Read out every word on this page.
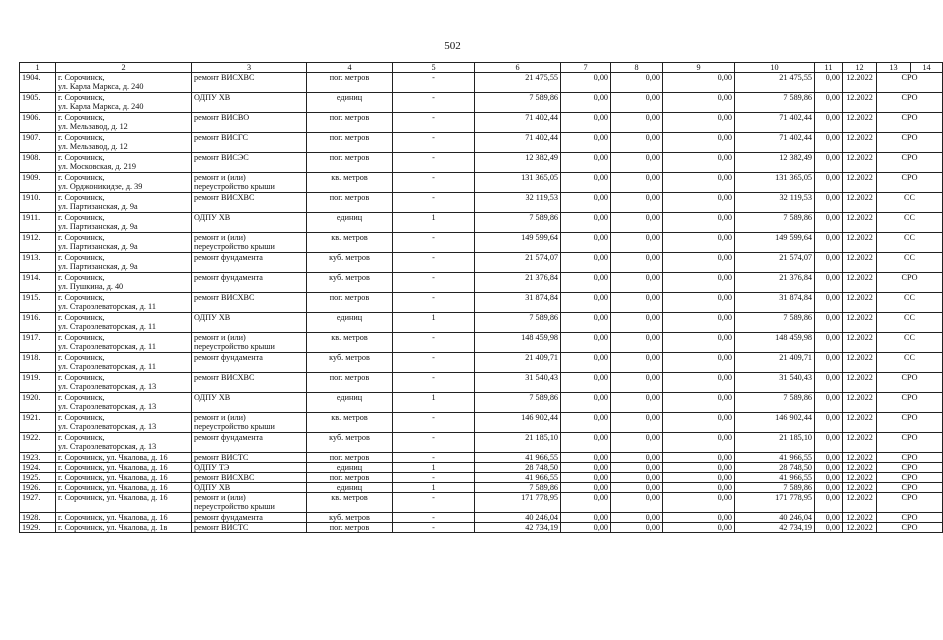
502
1	2	3	4	5	6	7	8	9	10	11	12	13	14
1904.	г. Сорочинск,
ул. Карла Маркса, д. 240	ремонт ВИСХВС	пог. метров	-	21 475,55	0,00	0,00	0,00	21 475,55	0,00	12.2022	СРО	
1905.	г. Сорочинск,
ул. Карла Маркса, д. 240	ОДПУ ХВ	единиц	-	7 589,86	0,00	0,00	0,00	7 589,86	0,00	12.2022	СРО	
1906.	г. Сорочинск,
ул. Мельзавод, д. 12	ремонт ВИСВО	пог. метров	-	71 402,44	0,00	0,00	0,00	71 402,44	0,00	12.2022	СРО	
1907.	г. Сорочинск,
ул. Мельзавод, д. 12	ремонт ВИСГС	пог. метров	-	71 402,44	0,00	0,00	0,00	71 402,44	0,00	12.2022	СРО	
1908.	г. Сорочинск,
ул. Московская, д. 219	ремонт ВИСЭС	пог. метров	-	12 382,49	0,00	0,00	0,00	12 382,49	0,00	12.2022	СРО	
1909.	г. Сорочинск,
ул. Орджоникидзе, д. 39	ремонт и (или)
переустройство крыши	кв. метров	-	131 365,05	0,00	0,00	0,00	131 365,05	0,00	12.2022	СРО	
1910.	г. Сорочинск,
ул. Партизанская, д. 9а	ремонт ВИСХВС	пог. метров	-	32 119,53	0,00	0,00	0,00	32 119,53	0,00	12.2022	СС	
1911.	г. Сорочинск,
ул. Партизанская, д. 9а	ОДПУ ХВ	единиц	1	7 589,86	0,00	0,00	0,00	7 589,86	0,00	12.2022	СС	
1912.	г. Сорочинск,
ул. Партизанская, д. 9а	ремонт и (или)
переустройство крыши	кв. метров	-	149 599,64	0,00	0,00	0,00	149 599,64	0,00	12.2022	СС	
1913.	г. Сорочинск,
ул. Партизанская, д. 9а	ремонт фундамента	куб. метров	-	21 574,07	0,00	0,00	0,00	21 574,07	0,00	12.2022	СС	
1914.	г. Сорочинск,
ул. Пушкина, д. 40	ремонт фундамента	куб. метров	-	21 376,84	0,00	0,00	0,00	21 376,84	0,00	12.2022	СРО	
1915.	г. Сорочинск,
ул. Староэлеваторская, д. 11	ремонт ВИСХВС	пог. метров	-	31 874,84	0,00	0,00	0,00	31 874,84	0,00	12.2022	СС	
1916.	г. Сорочинск,
ул. Староэлеваторская, д. 11	ОДПУ ХВ	единиц	1	7 589,86	0,00	0,00	0,00	7 589,86	0,00	12.2022	СС	
1917.	г. Сорочинск,
ул. Староэлеваторская, д. 11	ремонт и (или)
переустройство крыши	кв. метров	-	148 459,98	0,00	0,00	0,00	148 459,98	0,00	12.2022	СС	
1918.	г. Сорочинск,
ул. Староэлеваторская, д. 11	ремонт фундамента	куб. метров	-	21 409,71	0,00	0,00	0,00	21 409,71	0,00	12.2022	СС	
1919.	г. Сорочинск,
ул. Староэлеваторская, д. 13	ремонт ВИСХВС	пог. метров	-	31 540,43	0,00	0,00	0,00	31 540,43	0,00	12.2022	СРО	
1920.	г. Сорочинск,
ул. Староэлеваторская, д. 13	ОДПУ ХВ	единиц	1	7 589,86	0,00	0,00	0,00	7 589,86	0,00	12.2022	СРО	
1921.	г. Сорочинск,
ул. Староэлеваторская, д. 13	ремонт и (или)
переустройство крыши	кв. метров	-	146 902,44	0,00	0,00	0,00	146 902,44	0,00	12.2022	СРО	
1922.	г. Сорочинск,
ул. Староэлеваторская, д. 13	ремонт фундамента	куб. метров	-	21 185,10	0,00	0,00	0,00	21 185,10	0,00	12.2022	СРО	
1923.	г. Сорочинск, ул. Чкалова, д. 16	ремонт ВИСТС	пог. метров	-	41 966,55	0,00	0,00	0,00	41 966,55	0,00	12.2022	СРО	
1924.	г. Сорочинск, ул. Чкалова, д. 16	ОДПУ ТЭ	единиц	1	28 748,50	0,00	0,00	0,00	28 748,50	0,00	12.2022	СРО	
1925.	г. Сорочинск, ул. Чкалова, д. 16	ремонт ВИСХВС	пог. метров	-	41 966,55	0,00	0,00	0,00	41 966,55	0,00	12.2022	СРО	
1926.	г. Сорочинск, ул. Чкалова, д. 16	ОДПУ ХВ	единиц	1	7 589,86	0,00	0,00	0,00	7 589,86	0,00	12.2022	СРО	
1927.	г. Сорочинск, ул. Чкалова, д. 16	ремонт и (или)
переустройство крыши	кв. метров	-	171 778,95	0,00	0,00	0,00	171 778,95	0,00	12.2022	СРО	
1928.	г. Сорочинск, ул. Чкалова, д. 16	ремонт фундамента	куб. метров	-	40 246,04	0,00	0,00	0,00	40 246,04	0,00	12.2022	СРО	
1929.	г. Сорочинск, ул. Чкалова, д. 1в	ремонт ВИСТС	пог. метров	-	42 734,19	0,00	0,00	0,00	42 734,19	0,00	12.2022	СРО	
